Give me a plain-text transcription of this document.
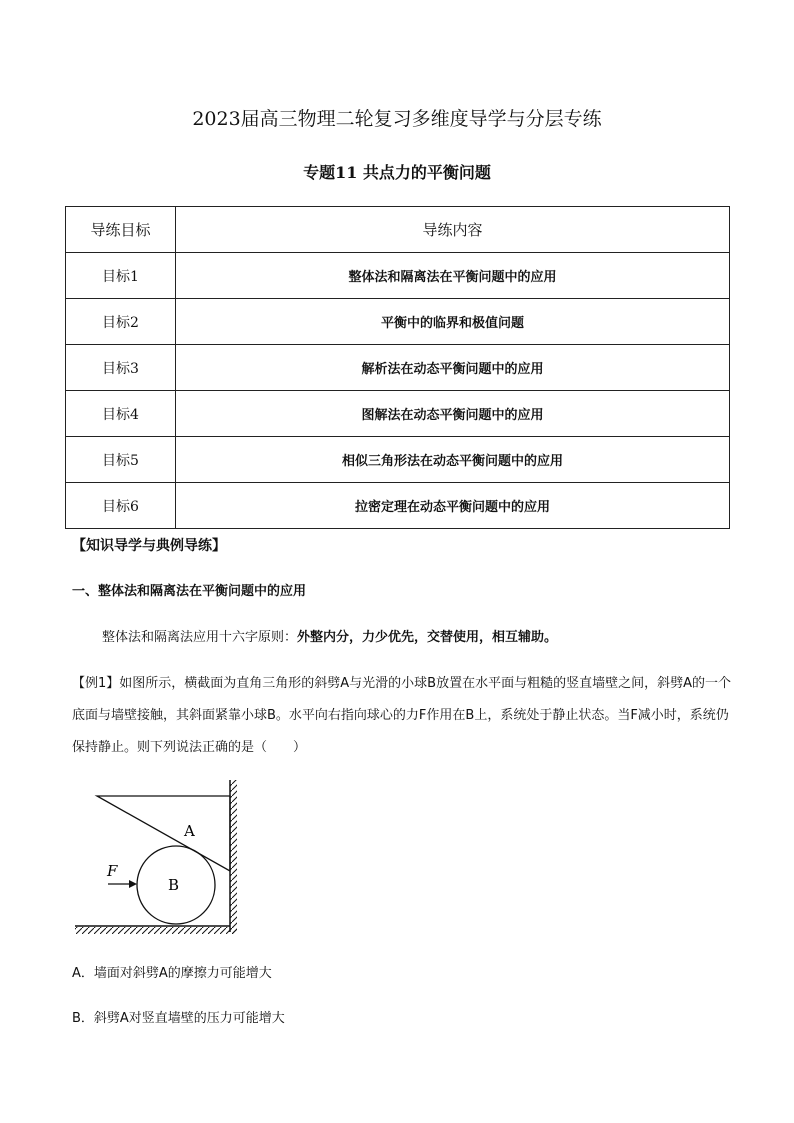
2023届高三物理二轮复习多维度导学与分层专练
专题11 共点力的平衡问题
导练目标	导练内容
目标1	整体法和隔离法在平衡问题中的应用
目标2	平衡中的临界和极值问题
目标3	解析法在动态平衡问题中的应用
目标4	图解法在动态平衡问题中的应用
目标5	相似三角形法在动态平衡问题中的应用
目标6	拉密定理在动态平衡问题中的应用
【知识导学与典例导练】
一、整体法和隔离法在平衡问题中的应用
整体法和隔离法应用十六字原则：外整内分，力少优先，交替使用，相互辅助。
【例1】如图所示，横截面为直角三角形的斜劈A与光滑的小球B放置在水平面与粗糙的竖直墙壁之间，斜劈A的一个底面与墙壁接触，其斜面紧靠小球B。水平向右指向球心的力F作用在B上，系统处于静止状态。当F减小时，系统仍保持静止。则下列说法正确的是（　　）
A
B
F
A．墙面对斜劈A的摩擦力可能增大
B．斜劈A对竖直墙壁的压力可能增大
